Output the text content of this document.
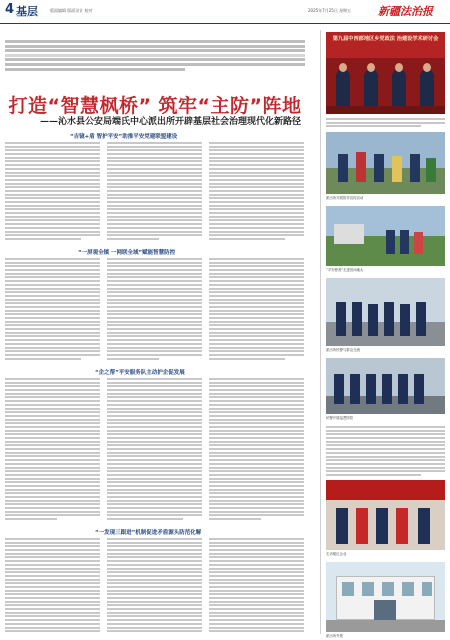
4 基层	版面编辑 版面设计 校对	2025年7月25日 星期五 新疆法治报
打造“智慧枫桥” 筑牢“主防”阵地
——沁水县公安局端氏中心派出所开辟基层社会治理现代化新路径
“吉镜+盾 智护平安”助推平安党建联盟建设
“一屏观全镇 一网联全域”赋能智慧防控
“企之帮”平安服务队主动护企促发展
“一发现三跟进”机制促进矛盾源头防范化解
第九届中西部地区乡党政法 治建设学术研讨会
派出所开展防诈宣传活动
“平安使者”走进田间地头
派出所民警与群众交流
民警开展巡逻防控
走访辖区企业
派出所外景
